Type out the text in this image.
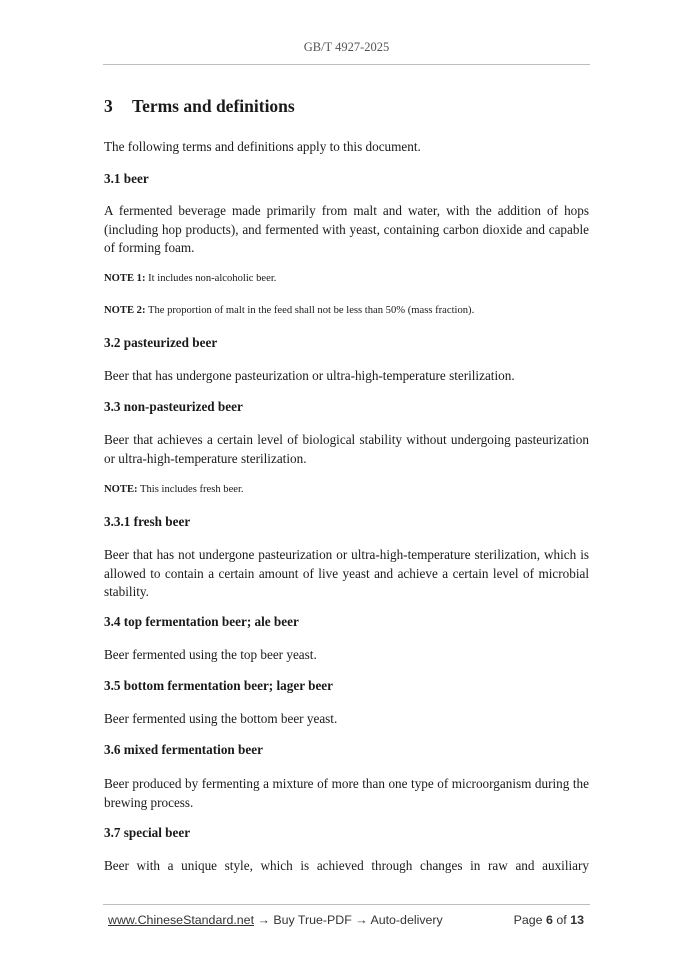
GB/T 4927-2025
3 Terms and definitions
The following terms and definitions apply to this document.
3.1 beer
A fermented beverage made primarily from malt and water, with the addition of hops (including hop products), and fermented with yeast, containing carbon dioxide and capable of forming foam.
NOTE 1: It includes non-alcoholic beer.
NOTE 2: The proportion of malt in the feed shall not be less than 50% (mass fraction).
3.2 pasteurized beer
Beer that has undergone pasteurization or ultra-high-temperature sterilization.
3.3 non-pasteurized beer
Beer that achieves a certain level of biological stability without undergoing pasteurization or ultra-high-temperature sterilization.
NOTE: This includes fresh beer.
3.3.1 fresh beer
Beer that has not undergone pasteurization or ultra-high-temperature sterilization, which is allowed to contain a certain amount of live yeast and achieve a certain level of microbial stability.
3.4 top fermentation beer; ale beer
Beer fermented using the top beer yeast.
3.5 bottom fermentation beer; lager beer
Beer fermented using the bottom beer yeast.
3.6 mixed fermentation beer
Beer produced by fermenting a mixture of more than one type of microorganism during the brewing process.
3.7 special beer
Beer with a unique style, which is achieved through changes in raw and auxiliary
www.ChineseStandard.net → Buy True-PDF → Auto-delivery	Page 6 of 13
